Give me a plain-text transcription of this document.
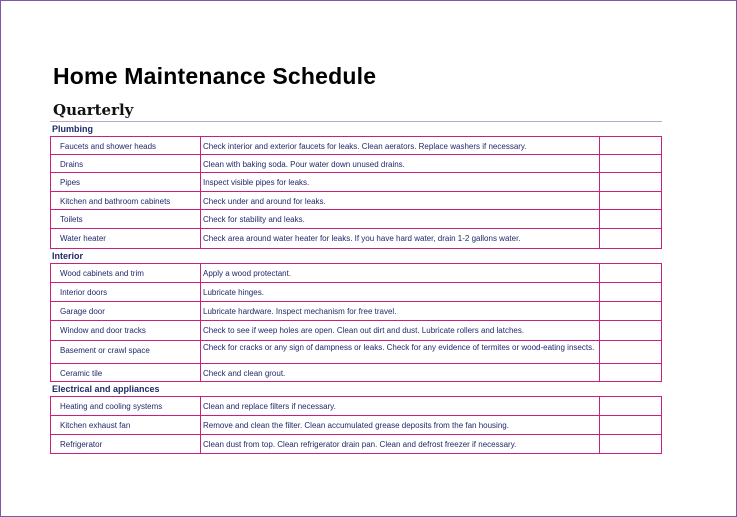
Home Maintenance Schedule
Quarterly
Plumbing
Faucets and shower heads	Check interior and exterior faucets for leaks. Clean aerators. Replace washers if necessary.
Drains	Clean with baking soda. Pour water down unused drains.
Pipes	Inspect visible pipes for leaks.
Kitchen and bathroom cabinets	Check under and around for leaks.
Toilets	Check for stability and leaks.
Water heater	Check area around water heater for leaks. If you have hard water, drain 1-2 gallons water.
Interior
Wood cabinets and trim	Apply a wood protectant.
Interior doors	Lubricate hinges.
Garage door	Lubricate hardware. Inspect mechanism for free travel.
Window and door tracks	Check to see if weep holes are open. Clean out dirt and dust. Lubricate rollers and latches.
Basement or crawl space	Check for cracks or any sign of dampness or leaks. Check for any evidence of termites or wood-eating insects.
Ceramic tile	Check and clean grout.
Electrical and appliances
Heating and cooling systems	Clean and replace filters if necessary.
Kitchen exhaust fan	Remove and clean the filter. Clean accumulated grease deposits from the fan housing.
Refrigerator	Clean dust from top. Clean refrigerator drain pan. Clean and defrost freezer if necessary.
